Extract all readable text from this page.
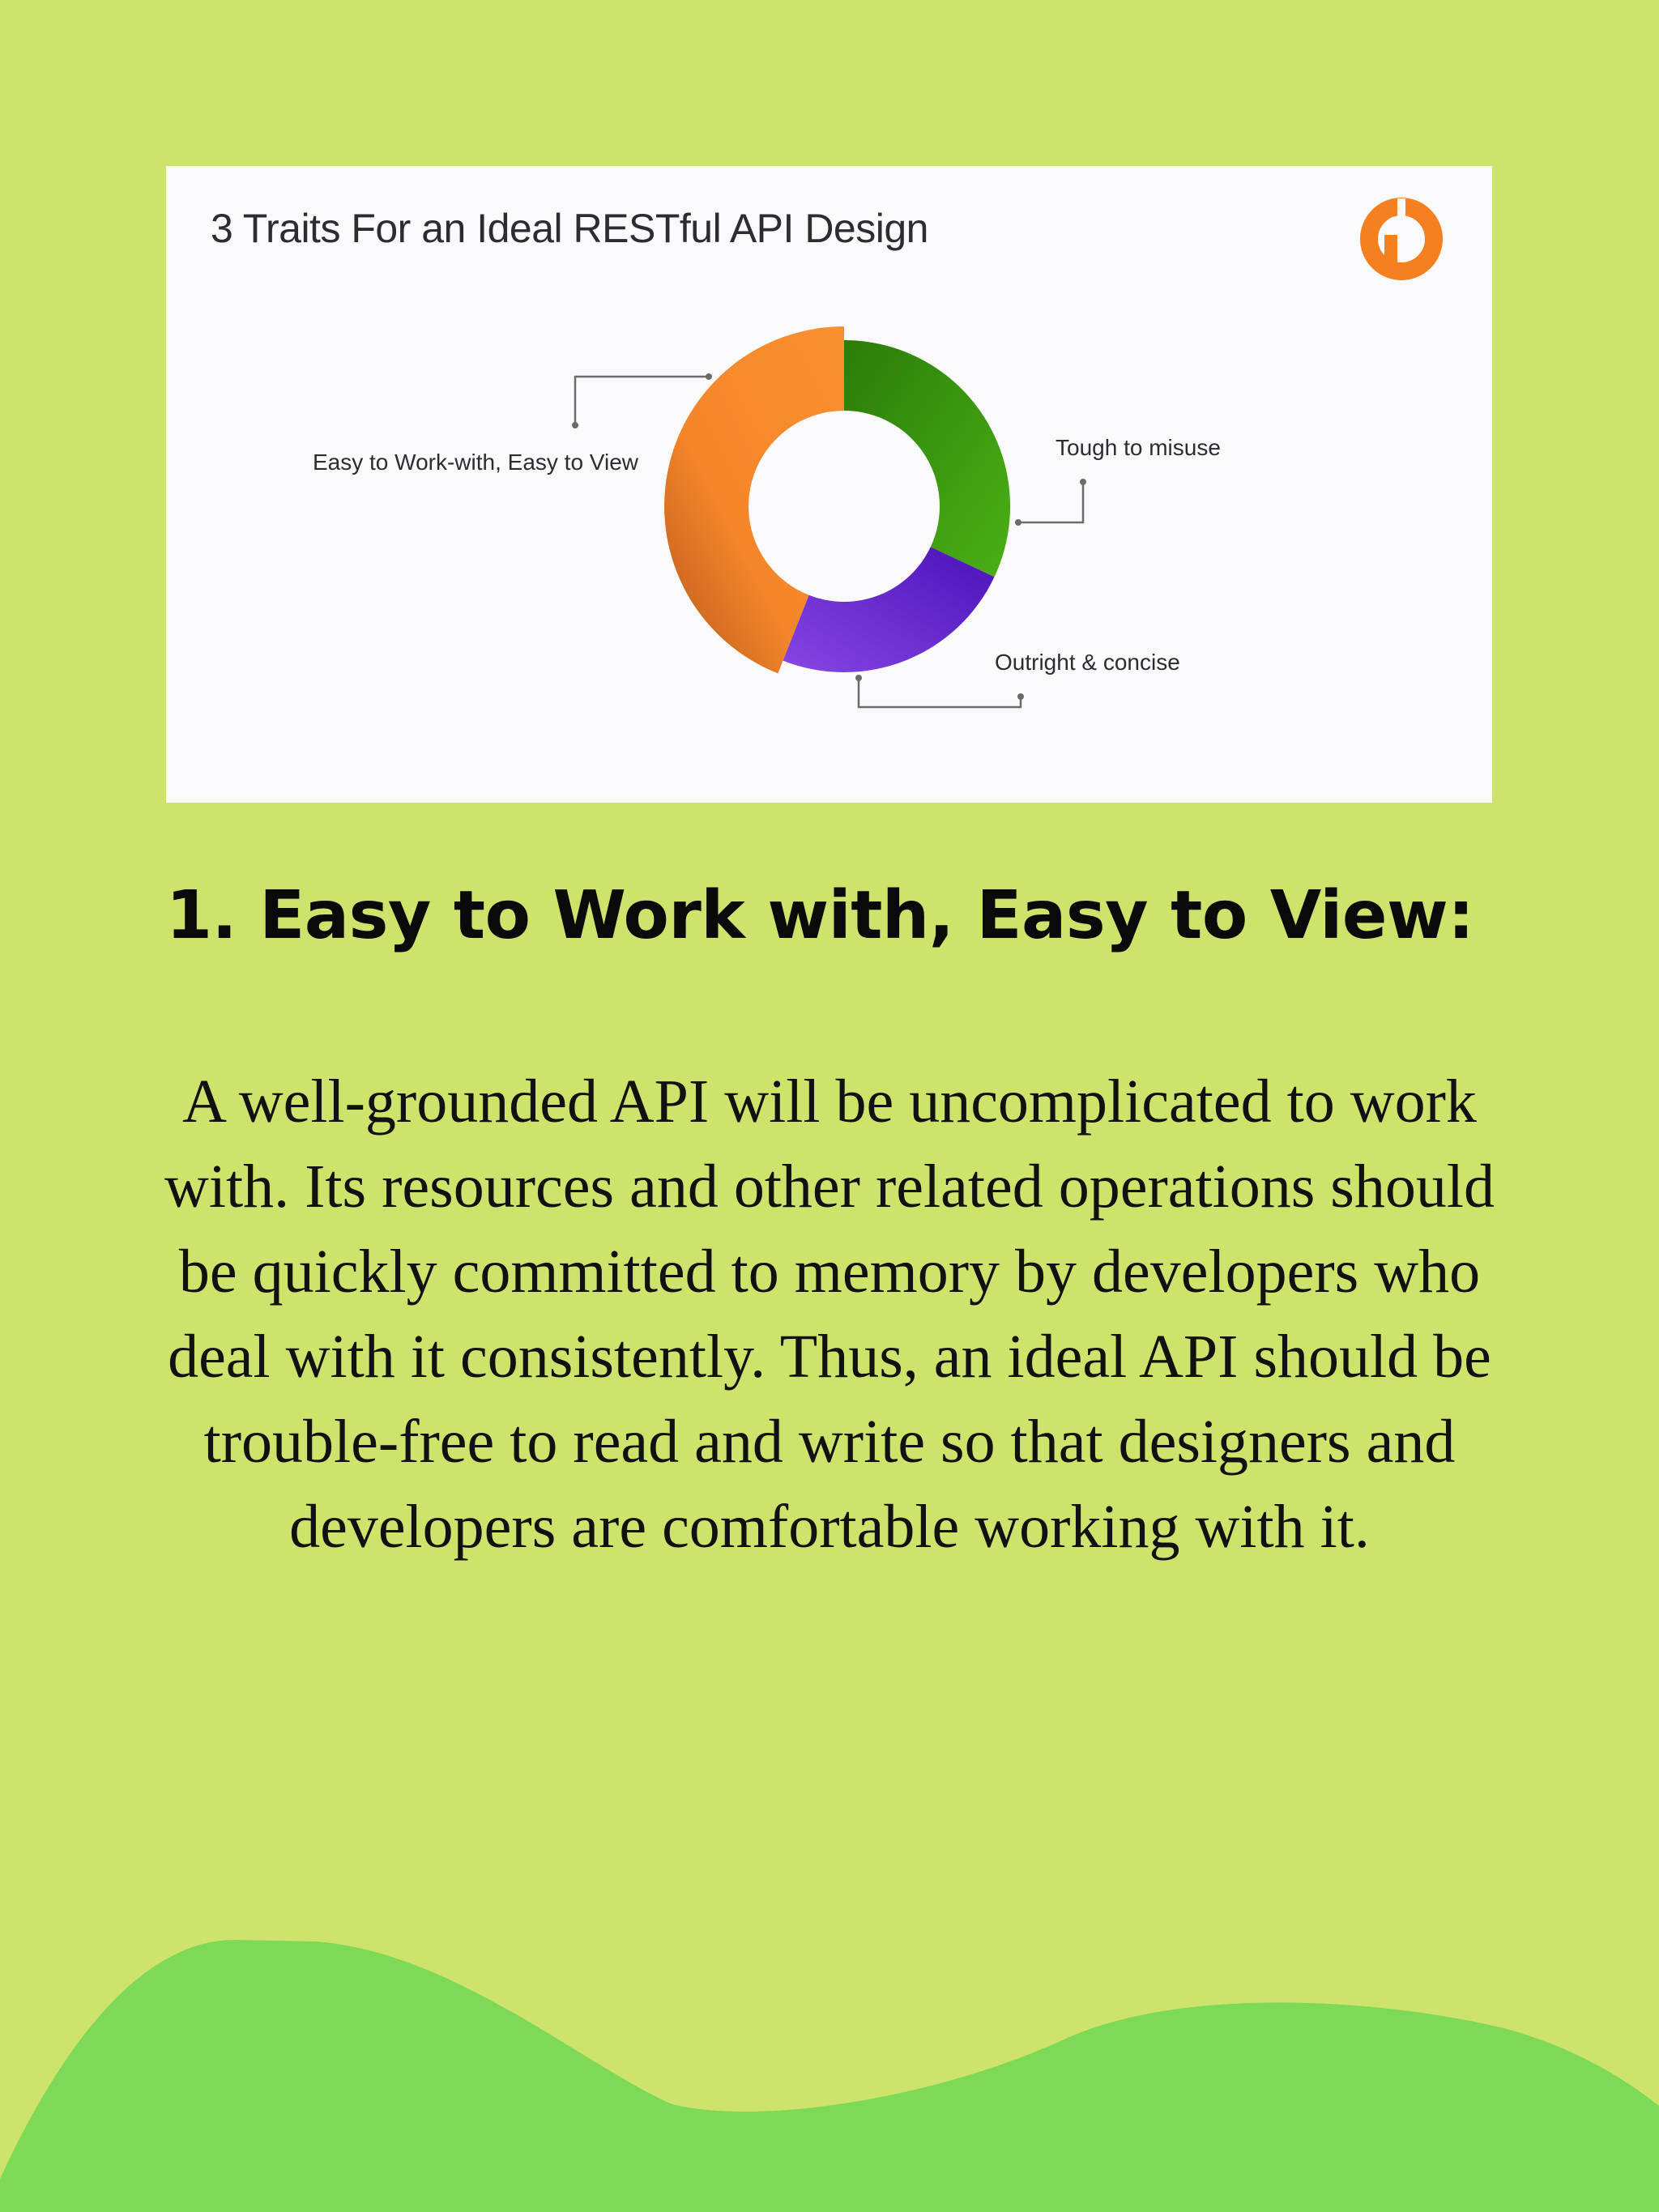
3 Traits For an Ideal RESTful API Design
Easy to Work-with, Easy to View
Tough to misuse
Outright & concise
1. Easy to Work with, Easy to View:

A well-grounded API will be uncomplicated to work with. Its resources and other related operations should be quickly committed to memory by developers who deal with it consistently. Thus, an ideal API should be trouble-free to read and write so that designers and developers are comfortable working with it.
